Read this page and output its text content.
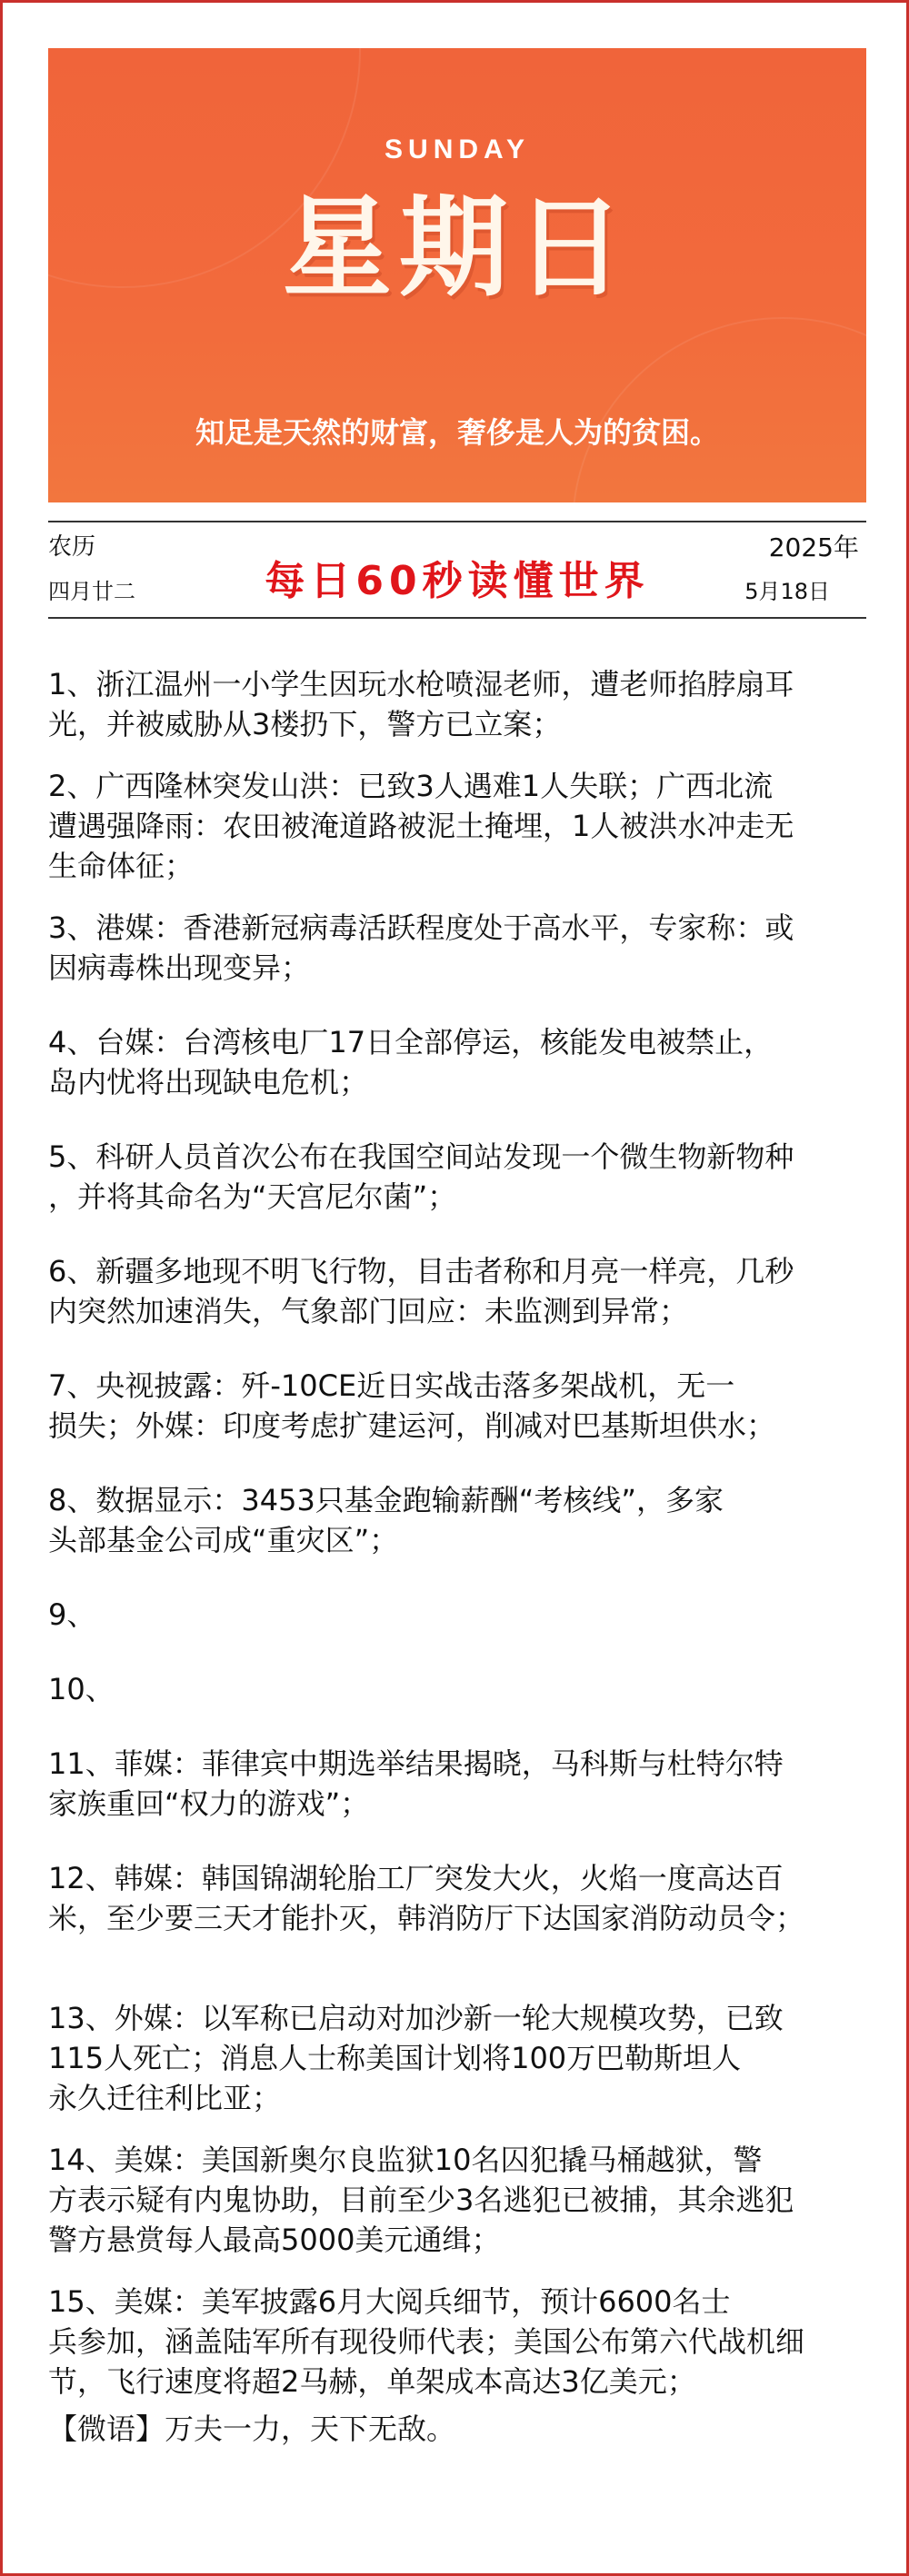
SUNDAY
星期日
知足是天然的财富，奢侈是人为的贫困。
农历
四月廿二	每日60秒读懂世界
2025年
5月18日
1、浙江温州一小学生因玩水枪喷湿老师，遭老师掐脖扇耳
光，并被威胁从3楼扔下，警方已立案；
2、广西隆林突发山洪：已致3人遇难1人失联；广西北流
遭遇强降雨：农田被淹道路被泥土掩埋，1人被洪水冲走无
生命体征；
3、港媒：香港新冠病毒活跃程度处于高水平，专家称：或
因病毒株出现变异；
4、台媒：台湾核电厂17日全部停运，核能发电被禁止，
岛内忧将出现缺电危机；
5、科研人员首次公布在我国空间站发现一个微生物新物种
，并将其命名为“天宫尼尔菌”；
6、新疆多地现不明飞行物，目击者称和月亮一样亮，几秒
内突然加速消失，气象部门回应：未监测到异常；
7、央视披露：歼-10CE近日实战击落多架战机，无一
损失；外媒：印度考虑扩建运河，削减对巴基斯坦供水；
8、数据显示：3453只基金跑输薪酬“考核线”，多家
头部基金公司成“重灾区”；
9、
10、
11、菲媒：菲律宾中期选举结果揭晓，马科斯与杜特尔特
家族重回“权力的游戏”；
12、韩媒：韩国锦湖轮胎工厂突发大火，火焰一度高达百
米，至少要三天才能扑灭，韩消防厅下达国家消防动员令；
13、外媒：以军称已启动对加沙新一轮大规模攻势，已致
115人死亡；消息人士称美国计划将100万巴勒斯坦人
永久迁往利比亚；
14、美媒：美国新奥尔良监狱10名囚犯撬马桶越狱，警
方表示疑有内鬼协助，目前至少3名逃犯已被捕，其余逃犯
警方悬赏每人最高5000美元通缉；
15、美媒：美军披露6月大阅兵细节，预计6600名士
兵参加，涵盖陆军所有现役师代表；美国公布第六代战机细
节，飞行速度将超2马赫，单架成本高达3亿美元；
【微语】万夫一力，天下无敌。
